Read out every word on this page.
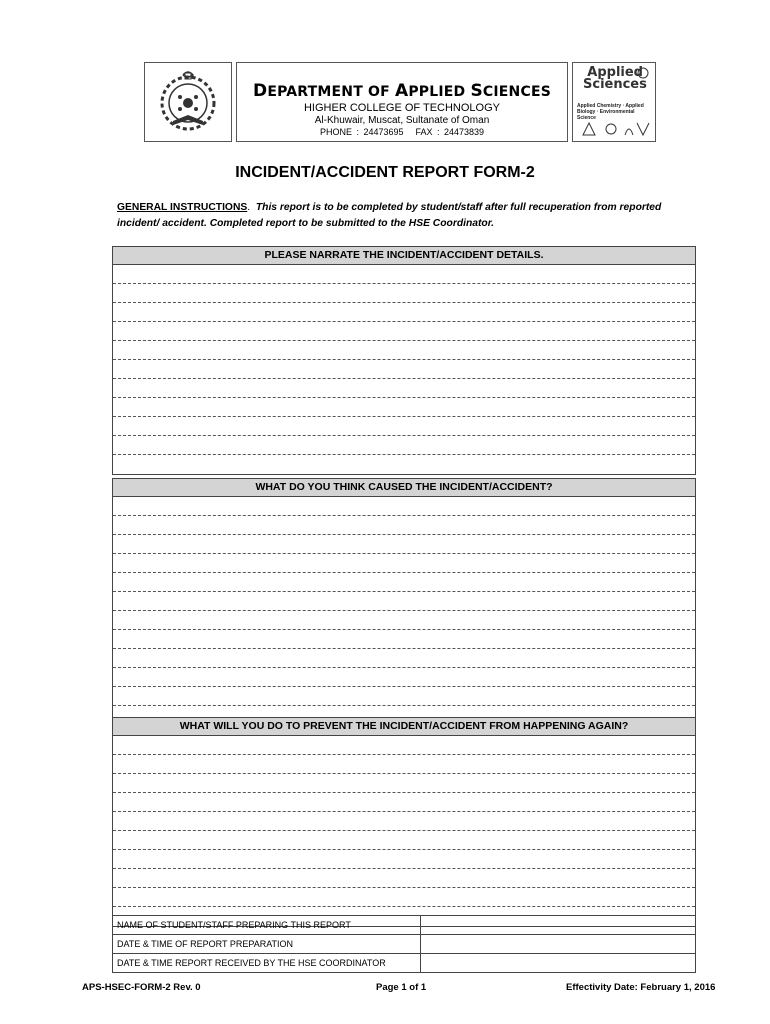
DEPARTMENT OF APPLIED SCIENCES
HIGHER COLLEGE OF TECHNOLOGY
Al-Khuwair, Muscat, Sultanate of Oman
PHONE : 24473695 FAX : 24473839
Applied Sciences
Applied Chemistry · Applied Biology · Environmental Science
INCIDENT/ACCIDENT REPORT FORM-2
GENERAL INSTRUCTIONS. This report is to be completed by student/staff after full recuperation from reported incident/ accident. Completed report to be submitted to the HSE Coordinator.
PLEASE NARRATE THE INCIDENT/ACCIDENT DETAILS.
WHAT DO YOU THINK CAUSED THE INCIDENT/ACCIDENT?
WHAT WILL YOU DO TO PREVENT THE INCIDENT/ACCIDENT FROM HAPPENING AGAIN?
NAME OF STUDENT/STAFF PREPARING THIS REPORT	
DATE & TIME OF REPORT PREPARATION	
DATE & TIME REPORT RECEIVED BY THE HSE COORDINATOR	
APS-HSEC-FORM-2 Rev. 0	Page 1 of 1	Effectivity Date: February 1, 2016
